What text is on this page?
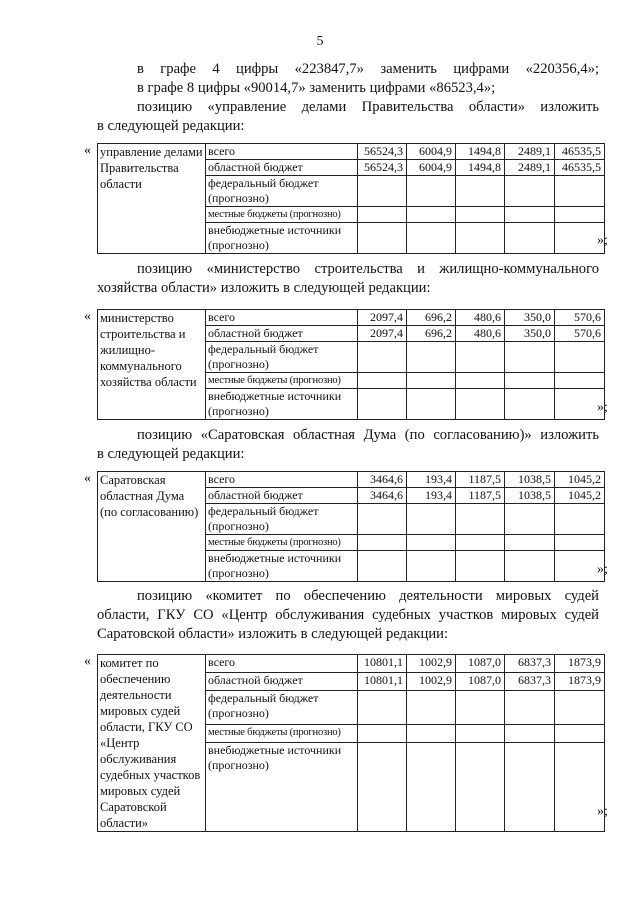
5

в графе 4 цифры «223847,7» заменить цифрами «220356,4»;

в графе 8 цифры «90014,7» заменить цифрами «86523,4»;

позицию «управление делами Правительства области» изложить

в следующей редакции:

« управление делами Правительства области	всего	56524,3	6004,9	1494,8	2489,1	46535,5
	областной бюджет	56524,3	6004,9	1494,8	2489,1	46535,5
	федеральный бюджет (прогнозно)					
	местные бюджеты (прогнозно)					
	внебюджетные источники (прогнозно)						»;

позицию «министерство строительства и жилищно-коммунального

хозяйства области» изложить в следующей редакции:

« министерство строительства и жилищно-коммунального хозяйства области	всего	2097,4	696,2	480,6	350,0	570,6
	областной бюджет	2097,4	696,2	480,6	350,0	570,6
	федеральный бюджет (прогнозно)					
	местные бюджеты (прогнозно)					
	внебюджетные источники (прогнозно)						»;

позицию «Саратовская областная Дума (по согласованию)» изложить

в следующей редакции:

« Саратовская областная Дума (по согласованию)	всего	3464,6	193,4	1187,5	1038,5	1045,2
	областной бюджет	3464,6	193,4	1187,5	1038,5	1045,2
	федеральный бюджет (прогнозно)					
	местные бюджеты (прогнозно)					
	внебюджетные источники (прогнозно)						»;

позицию «комитет по обеспечению деятельности мировых судей

области, ГКУ СО «Центр обслуживания судебных участков мировых судей

Саратовской области» изложить в следующей редакции:

« комитет по обеспечению деятельности мировых судей области, ГКУ СО «Центр обслуживания судебных участков мировых судей Саратовской области»	всего	10801,1	1002,9	1087,0	6837,3	1873,9
	областной бюджет	10801,1	1002,9	1087,0	6837,3	1873,9
	федеральный бюджет (прогнозно)					
	местные бюджеты (прогнозно)					
	внебюджетные источники (прогнозно)					
»;
